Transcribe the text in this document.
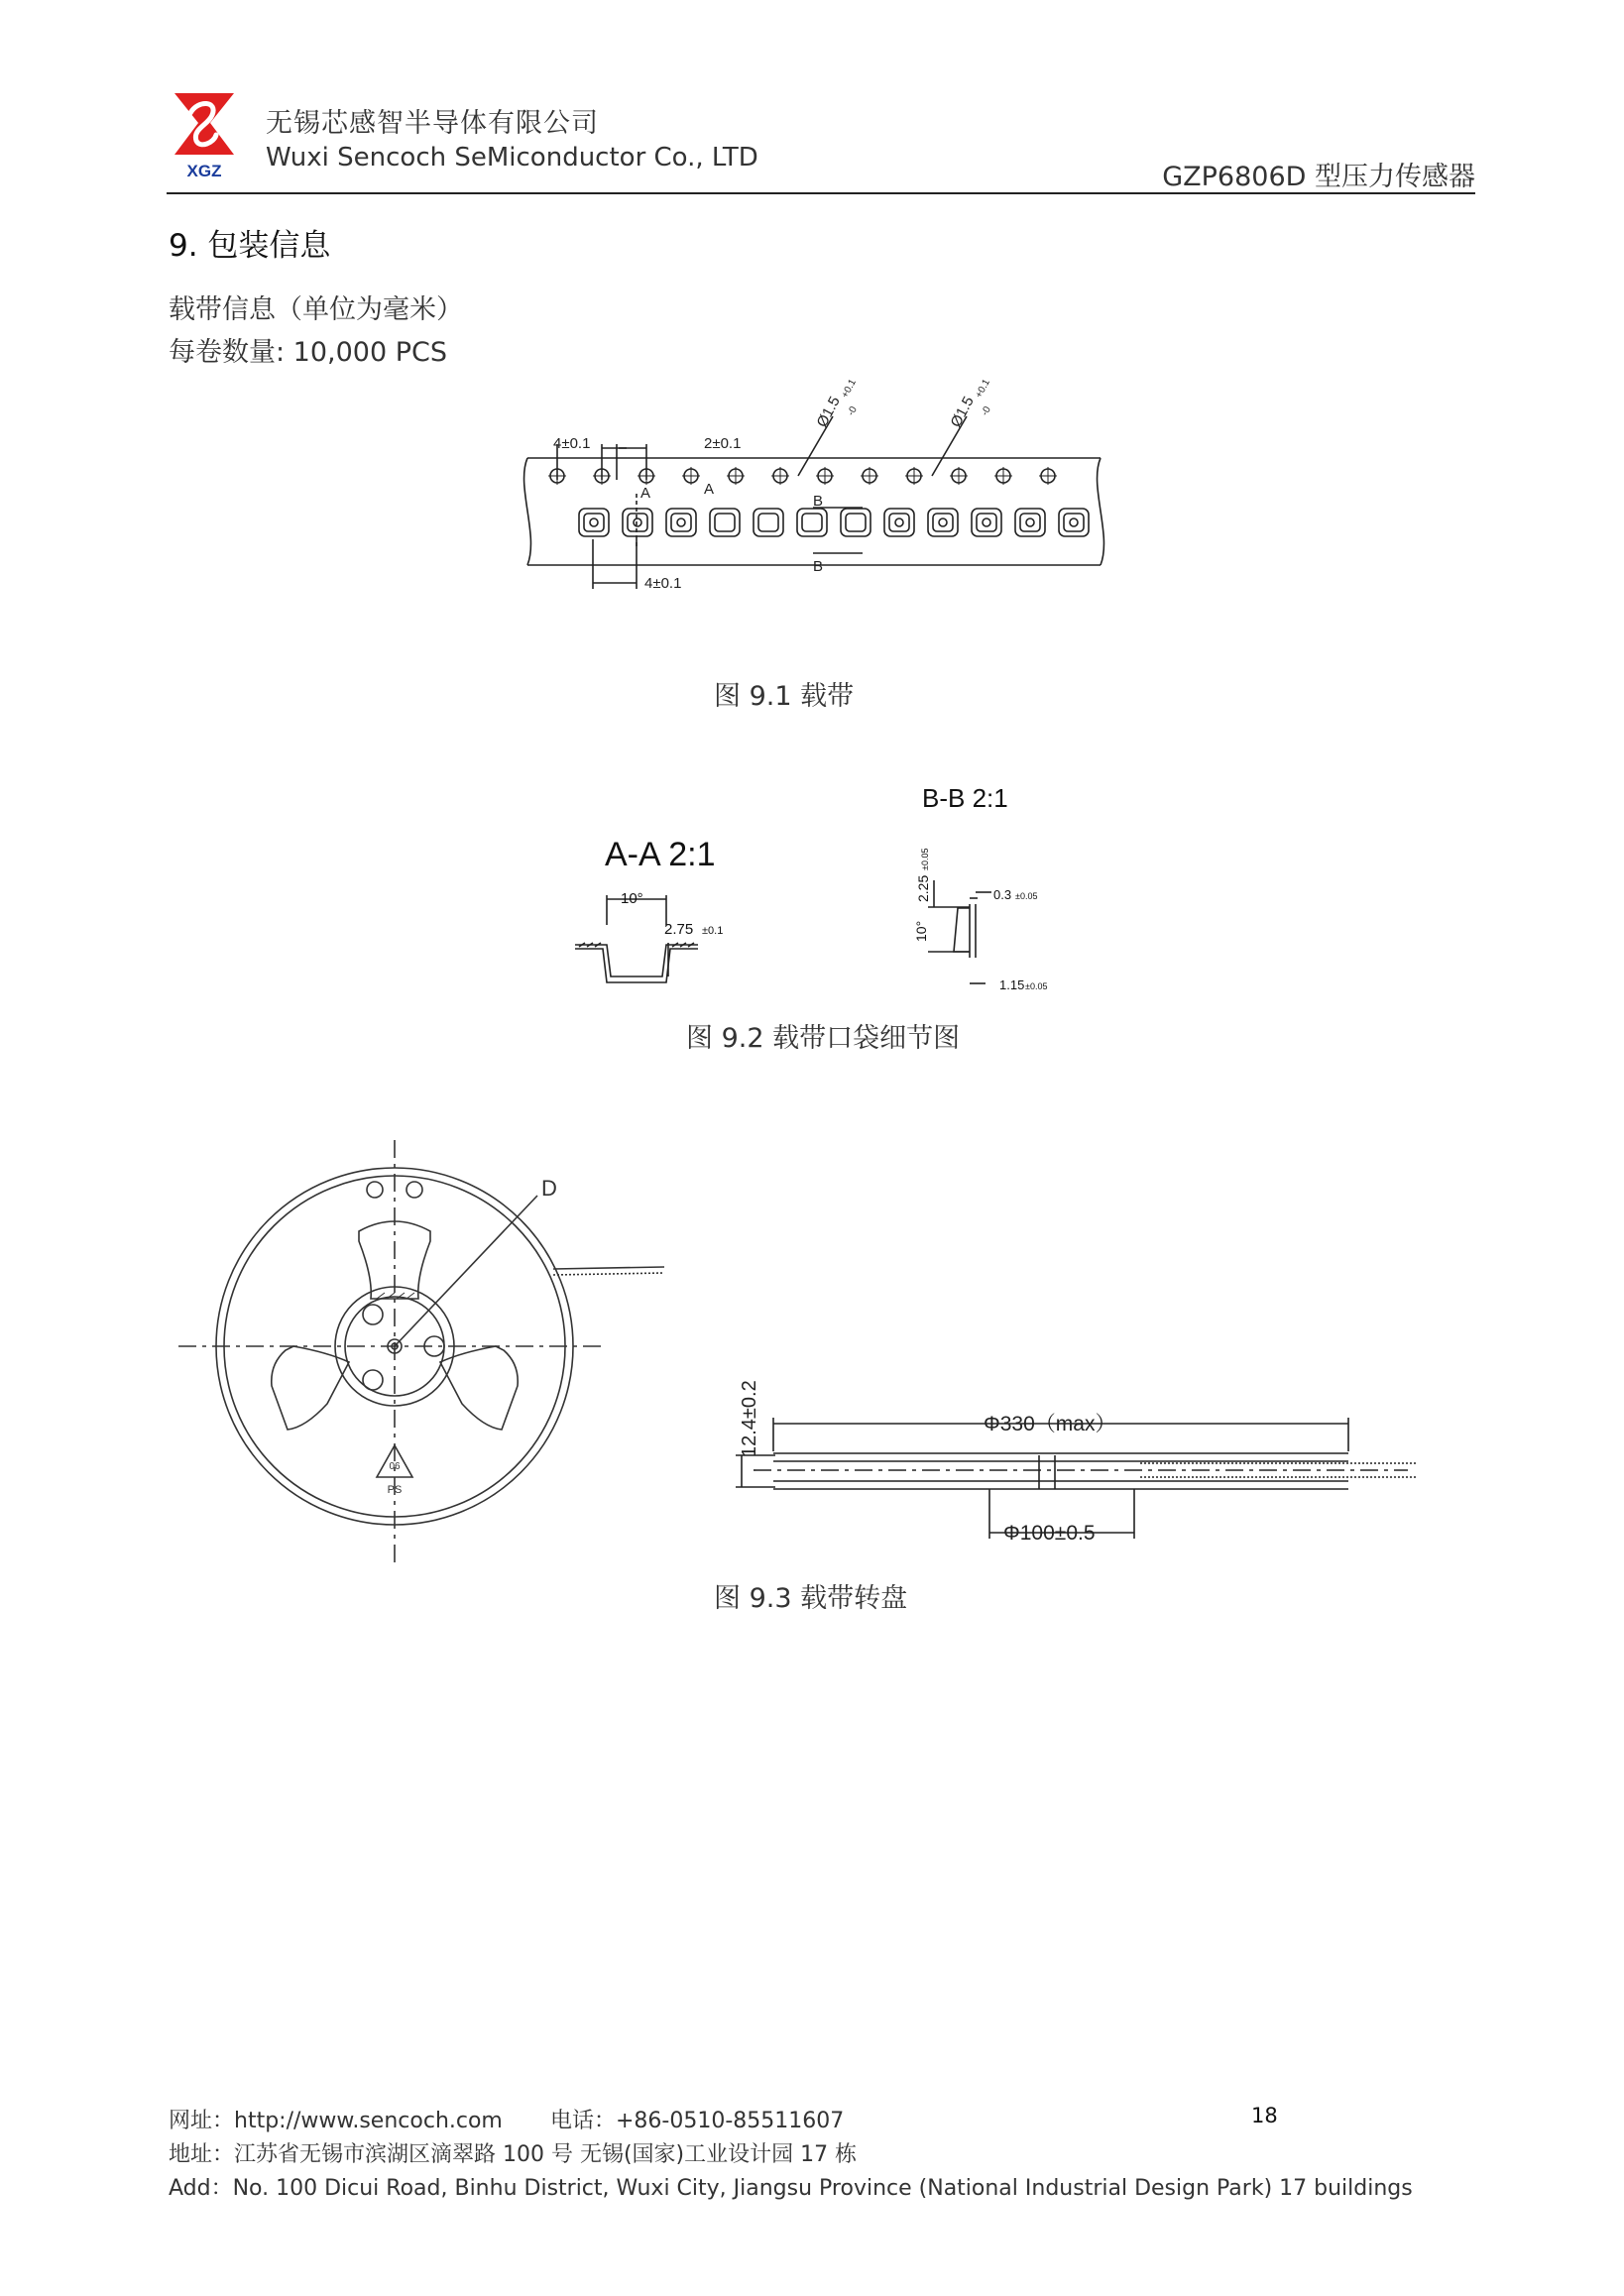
XGZ
无锡芯感智半导体有限公司
Wuxi Sencoch SeMiconductor Co., LTD
GZP6806D 型压力传感器
9. 包装信息
载带信息（单位为毫米）
每卷数量: 10,000 PCS
4±0.1	2±0.1
Ø1.5
+0.1
-0	Ø1.5
+0.1
-0
A	A
B
B
4±0.1
图 9.1 载带
A-A 2:1
10°
2.75 ±0.1
B-B 2:1
2.25
±0.05
10°
0.3 ±0.05
1.15 ±0.05
图 9.2 载带口袋细节图
D
06
PS
12.4±0.2	Φ330（max）
Φ100±0.5
图 9.3 载带转盘
网址：http://www.sencoch.com 电话：+86-0510-85511607	18
地址：江苏省无锡市滨湖区滴翠路 100 号 无锡(国家)工业设计园 17 栋
Add：No. 100 Dicui Road, Binhu District, Wuxi City, Jiangsu Province (National Industrial Design Park) 17 buildings
